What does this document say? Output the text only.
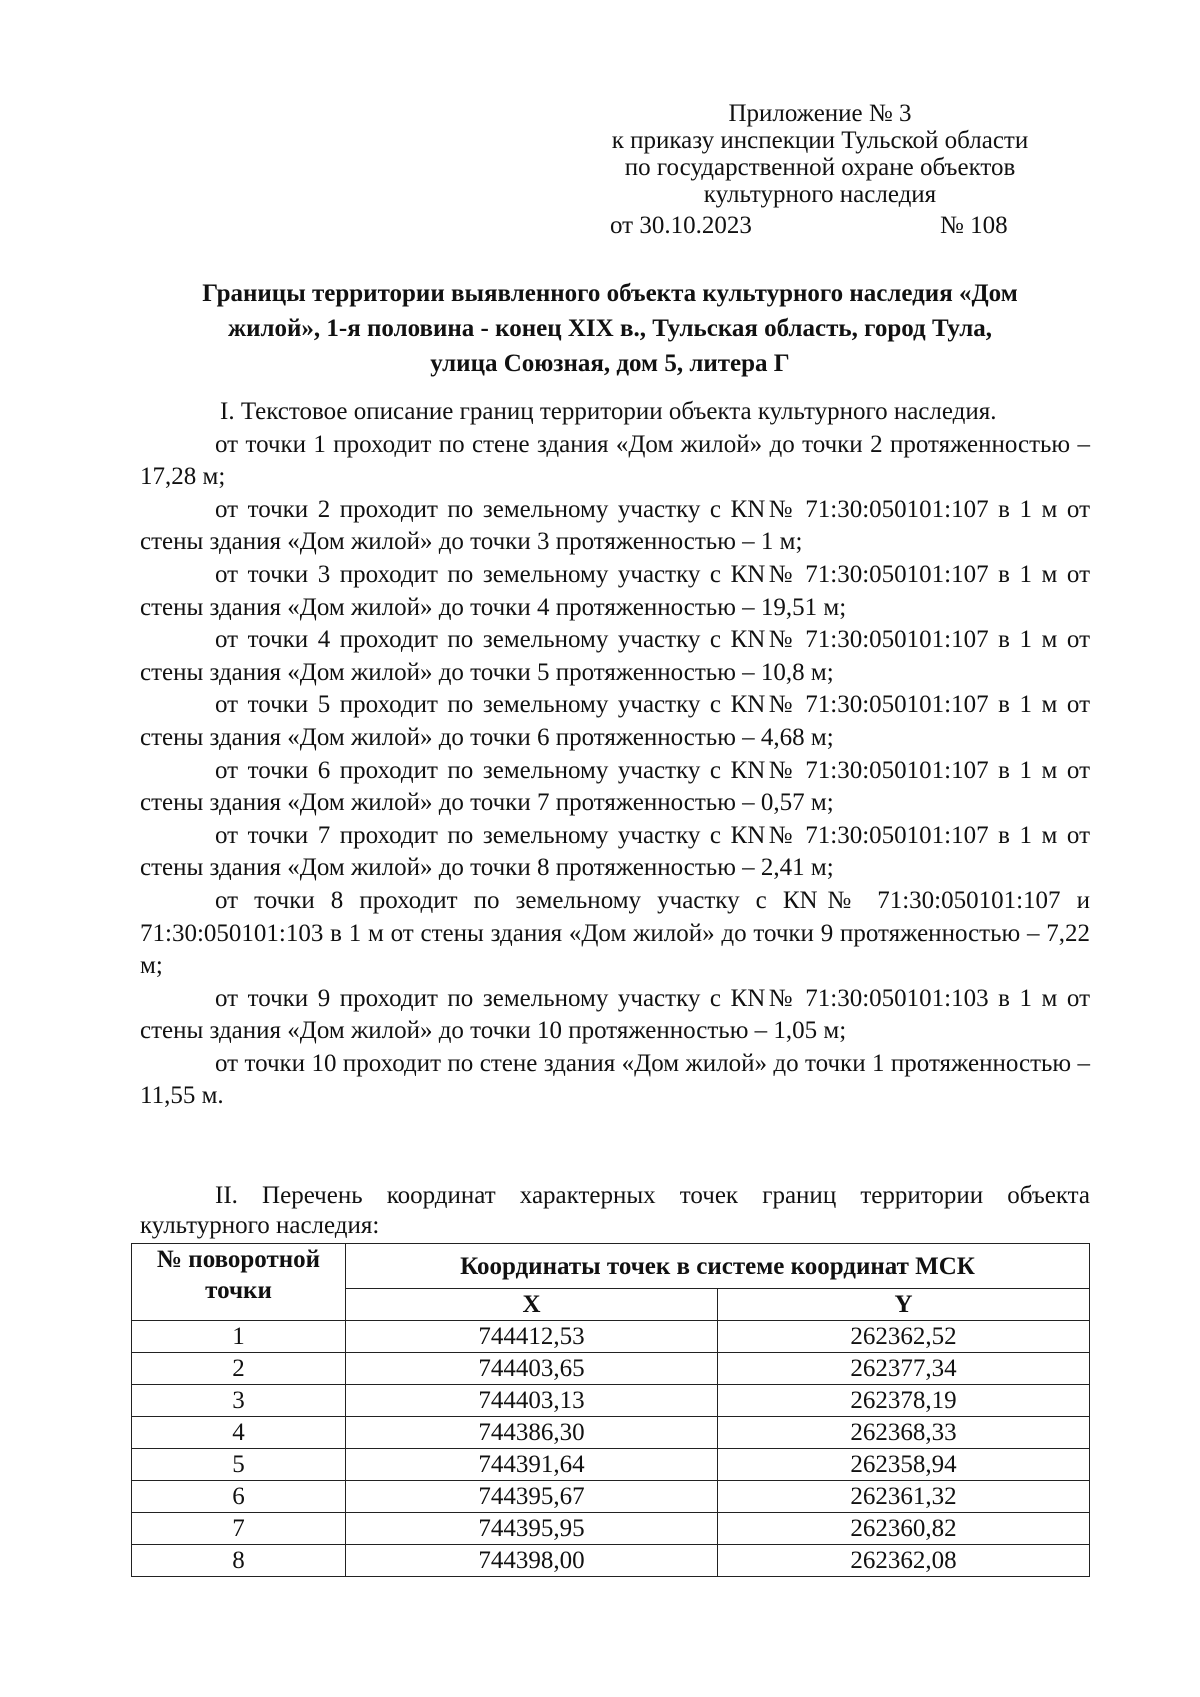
Приложение № 3
к приказу инспекции Тульской области
по государственной охране объектов
культурного наследия
от 30.10.2023	№ 108
Границы территории выявленного объекта культурного наследия «Дом
жилой», 1-я половина - конец XIX в., Тульская область, город Тула,
улица Союзная, дом 5, литера Г

I. Текстовое описание границ территории объекта культурного наследия.

от точки 1 проходит по стене здания «Дом жилой» до точки 2 протяженностью – 17,28 м;

от точки 2 проходит по земельному участку с КN№ 71:30:050101:107 в 1 м от стены здания «Дом жилой» до точки 3 протяженностью – 1 м;

от точки 3 проходит по земельному участку с КN№ 71:30:050101:107 в 1 м от стены здания «Дом жилой» до точки 4 протяженностью – 19,51 м;

от точки 4 проходит по земельному участку с КN№ 71:30:050101:107 в 1 м от стены здания «Дом жилой» до точки 5 протяженностью – 10,8 м;

от точки 5 проходит по земельному участку с КN№ 71:30:050101:107 в 1 м от стены здания «Дом жилой» до точки 6 протяженностью – 4,68 м;

от точки 6 проходит по земельному участку с КN№ 71:30:050101:107 в 1 м от стены здания «Дом жилой» до точки 7 протяженностью – 0,57 м;

от точки 7 проходит по земельному участку с КN№ 71:30:050101:107 в 1 м от стены здания «Дом жилой» до точки 8 протяженностью – 2,41 м;

от точки 8 проходит по земельному участку с КN№ 71:30:050101:107 и 71:30:050101:103 в 1 м от стены здания «Дом жилой» до точки 9 протяженностью – 7,22 м;

от точки 9 проходит по земельному участку с КN№ 71:30:050101:103 в 1 м от стены здания «Дом жилой» до точки 10 протяженностью – 1,05 м;

от точки 10 проходит по стене здания «Дом жилой» до точки 1 протяженностью – 11,55 м.

II. Перечень координат характерных точек границ территории объекта культурного наследия:

№ поворотной точки	Координаты точек в системе координат МСК	
	X	Y
1	744412,53	262362,52
2	744403,65	262377,34
3	744403,13	262378,19
4	744386,30	262368,33
5	744391,64	262358,94
6	744395,67	262361,32
7	744395,95	262360,82
8	744398,00	262362,08
